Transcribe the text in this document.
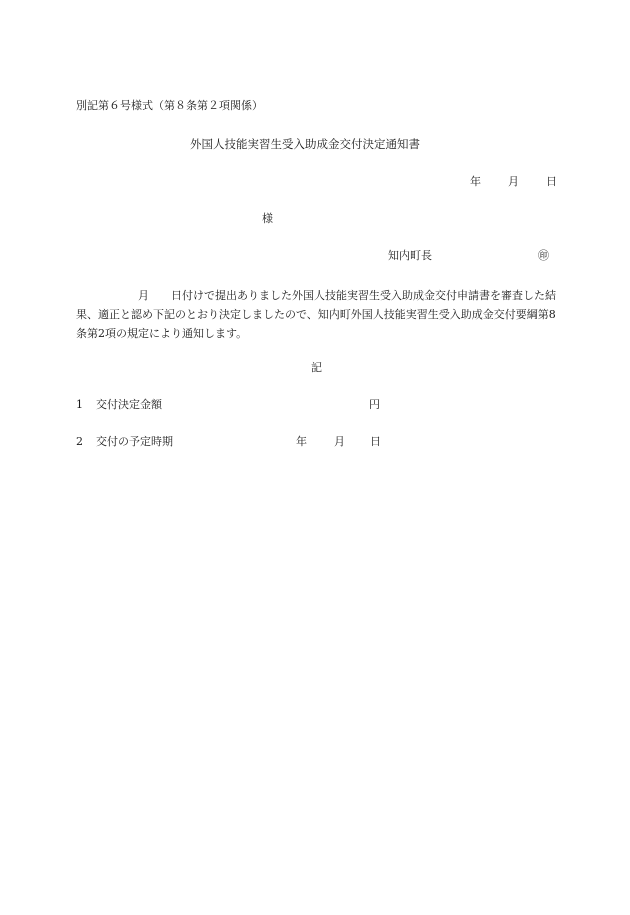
別記第６号様式（第８条第２項関係）
外国人技能実習生受入助成金交付決定通知書
年 月 日
様
知内町長	㊞
月 日付けで提出ありました外国人技能実習生受入助成金交付申請書を審査した結果、適正と認め下記のとおり決定しましたので、知内町外国人技能実習生受入助成金交付要綱第8条第2項の規定により通知します。
記
1 交付決定金額	円
2 交付の予定時期	年 月 日
